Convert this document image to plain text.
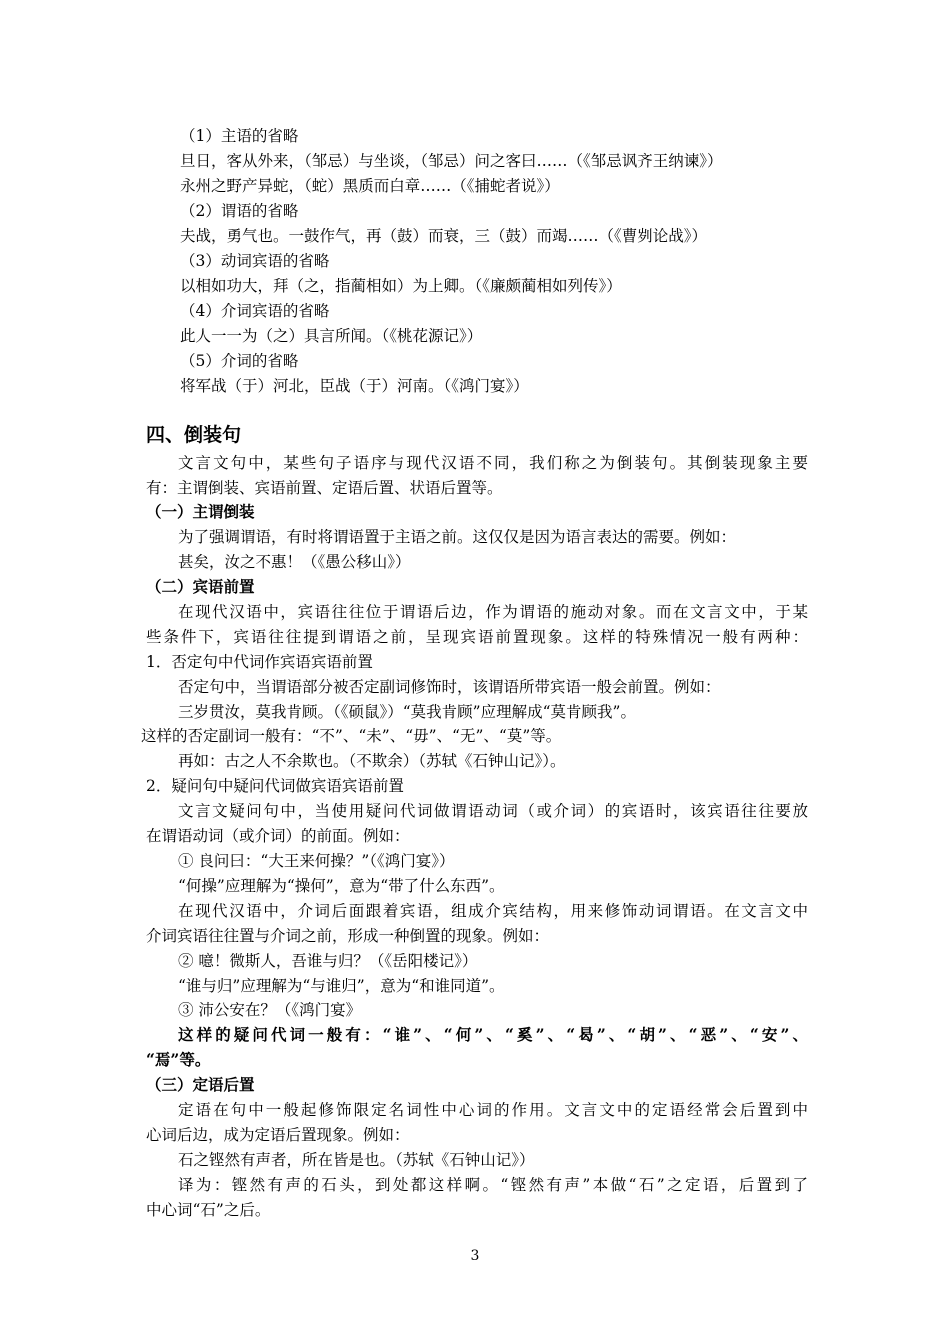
（1）主语的省略
旦日，客从外来，（邹忌）与坐谈，（邹忌）问之客曰……（《邹忌讽齐王纳谏》）
永州之野产异蛇，（蛇）黑质而白章……（《捕蛇者说》）
（2）谓语的省略
夫战，勇气也。一鼓作气，再（鼓）而衰，三（鼓）而竭……（《曹刿论战》）
（3）动词宾语的省略
以相如功大，拜（之，指蔺相如）为上卿。（《廉颇蔺相如列传》）
（4）介词宾语的省略
此人一一为（之）具言所闻。（《桃花源记》）
（5）介词的省略
将军战（于）河北，臣战（于）河南。（《鸿门宴》）
四、倒装句
文言文句中，某些句子语序与现代汉语不同，我们称之为倒装句。其倒装现象主要
有：主谓倒装、宾语前置、定语后置、状语后置等。
（一）主谓倒装
为了强调谓语，有时将谓语置于主语之前。这仅仅是因为语言表达的需要。例如：
甚矣，汝之不惠！（《愚公移山》）
（二）宾语前置
在现代汉语中，宾语往往位于谓语后边，作为谓语的施动对象。而在文言文中，于某
些条件下，宾语往往提到谓语之前，呈现宾语前置现象。这样的特殊情况一般有两种：
1．否定句中代词作宾语宾语前置
否定句中，当谓语部分被否定副词修饰时，该谓语所带宾语一般会前置。例如：
三岁贯汝，莫我肯顾。（《硕鼠》）“莫我肯顾”应理解成“莫肯顾我”。
这样的否定副词一般有：“不”、“未”、“毋”、“无”、“莫”等。
再如：古之人不余欺也。（不欺余）（苏轼《石钟山记》）。
2．疑问句中疑问代词做宾语宾语前置
文言文疑问句中，当使用疑问代词做谓语动词（或介词）的宾语时，该宾语往往要放
在谓语动词（或介词）的前面。例如：
① 良问曰：“大王来何操？”（《鸿门宴》）
“何操”应理解为“操何”，意为“带了什么东西”。
在现代汉语中，介词后面跟着宾语，组成介宾结构，用来修饰动词谓语。在文言文中
介词宾语往往置与介词之前，形成一种倒置的现象。例如：
② 噫！微斯人，吾谁与归？（《岳阳楼记》）
“谁与归”应理解为“与谁归”，意为“和谁同道”。
③ 沛公安在？（《鸿门宴》
这样的疑问代词一般有：“谁”、“何”、“奚”、“曷”、“胡”、“恶”、“安”、
“焉”等。
（三）定语后置
定语在句中一般起修饰限定名词性中心词的作用。文言文中的定语经常会后置到中
心词后边，成为定语后置现象。例如：
石之铿然有声者，所在皆是也。（苏轼《石钟山记》）
译为：铿然有声的石头，到处都这样啊。“铿然有声”本做“石”之定语，后置到了
中心词“石”之后。
3
